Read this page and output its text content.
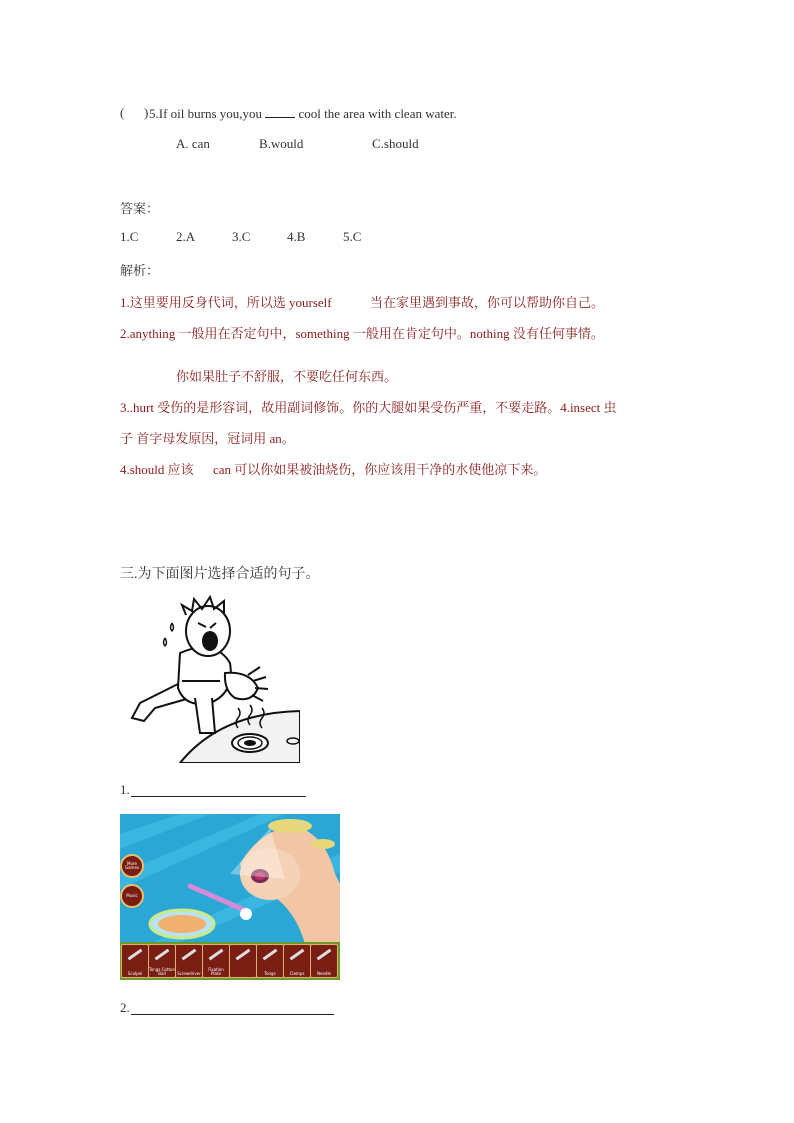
( ) 5.If oil burns you,you  cool the area with clean water.
A. can	B.would	C.should
答案：
1.C	2.A	3.C	4.B	5.C
解析：
1.这里要用反身代词，所以选 yourself	当在家里遇到事故，你可以帮助你自己。
2.anything 一般用在否定句中，something 一般用在肯定句中。nothing 没有任何事情。
你如果肚子不舒服，不要吃任何东西。
3..hurt 受伤的是形容词，故用副词修饰。你的大腿如果受伤严重，不要走路。4.insect 虫
子 首字母发原因，冠词用 an。
4.should 应该 can 可以你如果被油烧伤，你应该用干净的水使他凉下来。
三.为下面图片选择合适的句子。
1.
More Games
Music
Scalpel
Tongs Cotton Ball	Screwdriver
Fixation Plate	Tongs	Clamps	Needle
2.
